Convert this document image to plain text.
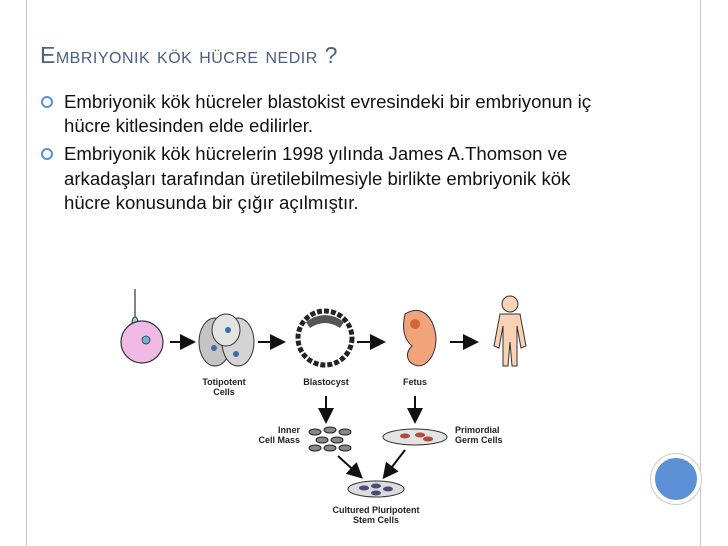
Embriyonik kök hücre nedir ?
Embriyonik kök hücreler blastokist evresindeki bir embriyonun iç hücre kitlesinden elde edilirler.
Embriyonik kök hücrelerin 1998 yılında James A.Thomson ve arkadaşları tarafından üretilebilmesiyle birlikte embriyonik kök hücre konusunda bir çığır açılmıştır.
Totipotent
Cells
Blastocyst	Fetus
Inner
Cell Mass
Primordial
Germ Cells
Cultured Pluripotent
Stem Cells
